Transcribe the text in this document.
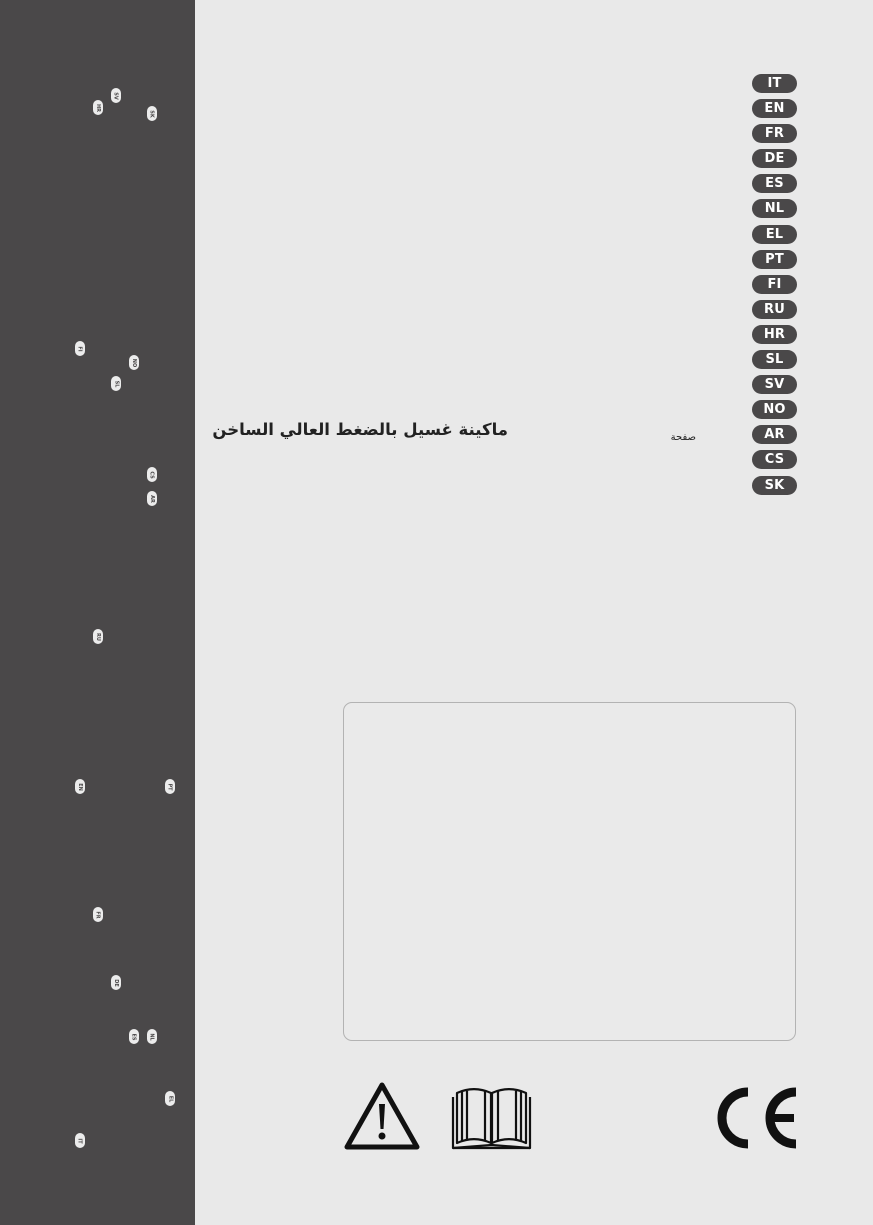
HR
SV
SK
FI
NO
SL
CS
AR
RU
EN	PT
FR
DE
ES NL
EL
IT
IT
EN
FR
DE
ES
NL
EL
PT
FI
RU
HR
SL
SV
NO
AR
CS
SK
ماكينة غسيل بالضغط العالي الساخن	صفحة
